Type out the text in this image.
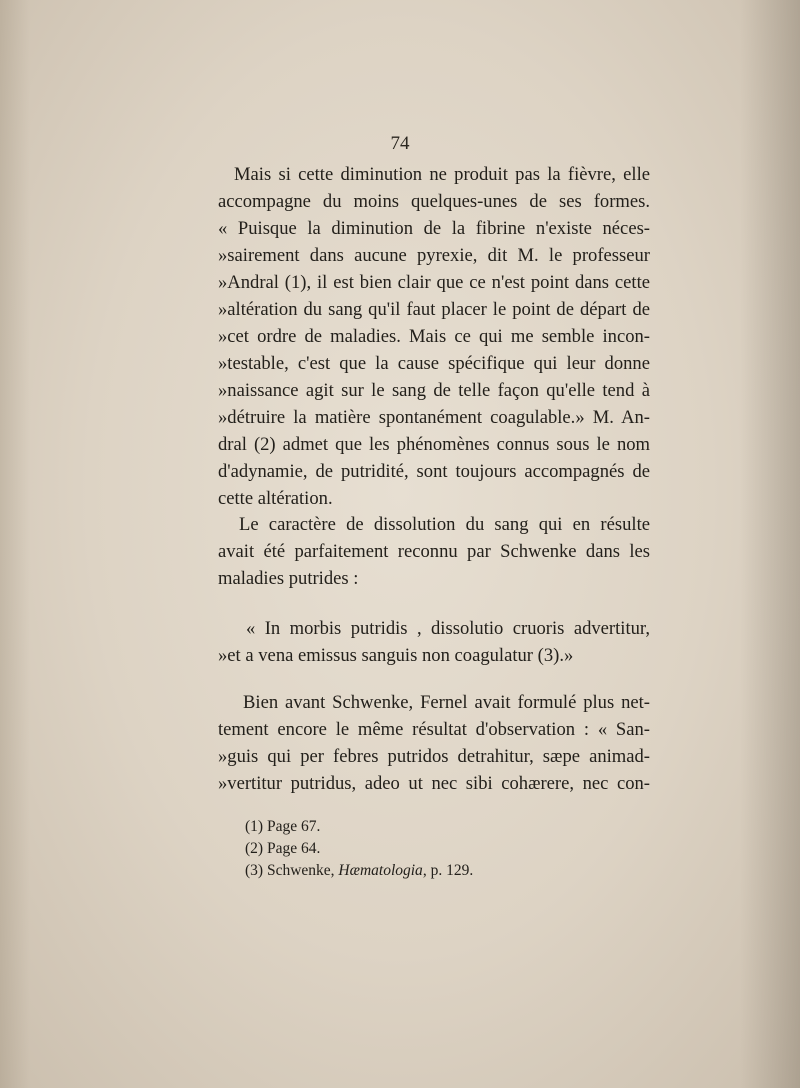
74
Mais si cette diminution ne produit pas la fièvre, elle
accompagne du moins quelques-unes de ses formes.
« Puisque la diminution de la fibrine n'existe néces-
»sairement dans aucune pyrexie, dit M. le professeur
»Andral (1), il est bien clair que ce n'est point dans cette
»altération du sang qu'il faut placer le point de départ de
»cet ordre de maladies. Mais ce qui me semble incon-
»testable, c'est que la cause spécifique qui leur donne
»naissance agit sur le sang de telle façon qu'elle tend à
»détruire la matière spontanément coagulable.» M. An-
dral (2) admet que les phénomènes connus sous le nom
d'adynamie, de putridité, sont toujours accompagnés de
cette altération.
Le caractère de dissolution du sang qui en résulte
avait été parfaitement reconnu par Schwenke dans les
maladies putrides :
« In morbis putridis , dissolutio cruoris advertitur,
»et a vena emissus sanguis non coagulatur (3).»
Bien avant Schwenke, Fernel avait formulé plus net-
tement encore le même résultat d'observation : « San-
»guis qui per febres putridos detrahitur, sæpe animad-
»vertitur putridus, adeo ut nec sibi cohærere, nec con-
(1) Page 67.
(2) Page 64.
(3) Schwenke, Hæmatologia, p. 129.
